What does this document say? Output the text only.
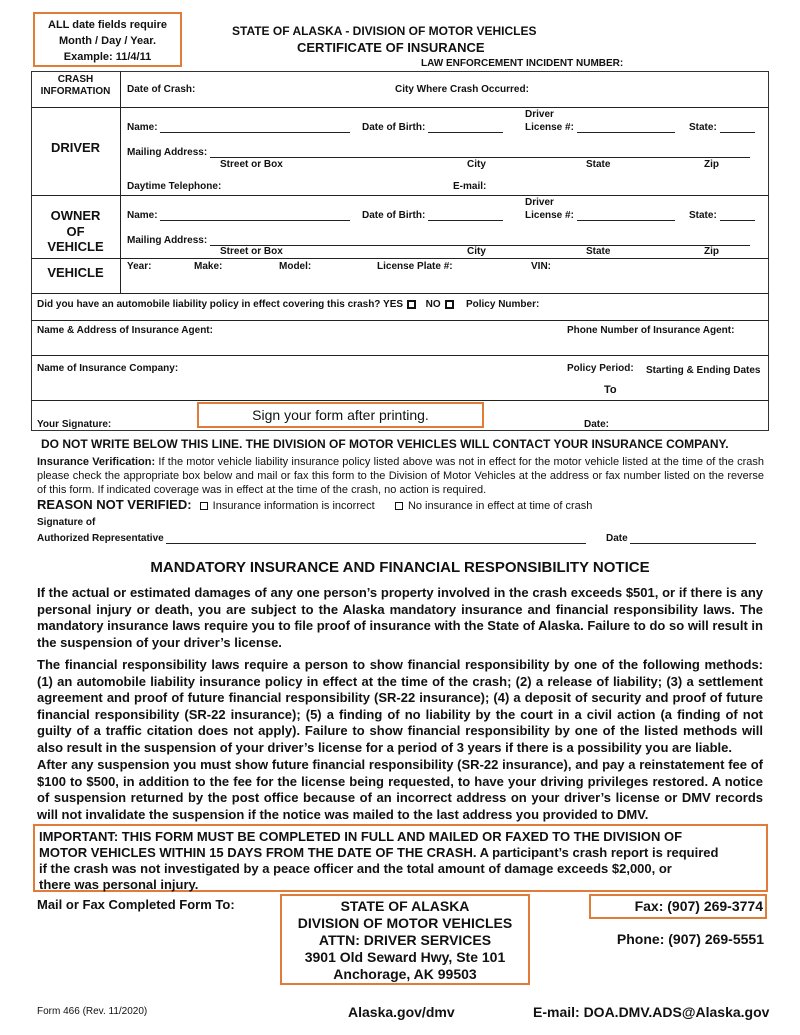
ALL date fields require
Month / Day / Year.
Example: 11/4/11
STATE OF ALASKA - DIVISION OF MOTOR VEHICLES
CERTIFICATE OF INSURANCE
LAW ENFORCEMENT INCIDENT NUMBER:
CRASH INFORMATION	Date of Crash:	City Where Crash Occurred:
DRIVER
Name:	Date of Birth:
Driver
License #:	State:
Mailing Address:
Street or Box	City	State	Zip
Daytime Telephone:	E-mail:
OWNER
OF
VEHICLE
Name:	Date of Birth:
Driver
License #:	State:
Mailing Address:
Street or Box	City	State	Zip
VEHICLE	Year:	Make:	Model:	License Plate #:	VIN:
Did you have an automobile liability policy in effect covering this crash? YES NO	Policy Number:
Name & Address of Insurance Agent:	Phone Number of Insurance Agent:
Name of Insurance Company:	Policy Period: Starting & Ending Dates
To
Your Signature:
Sign your form after printing.
Date:
DO NOT WRITE BELOW THIS LINE. THE DIVISION OF MOTOR VEHICLES WILL CONTACT YOUR INSURANCE COMPANY.
Insurance Verification: If the motor vehicle liability insurance policy listed above was not in effect for the motor vehicle listed at the time of the crash please check the appropriate box below and mail or fax this form to the Division of Motor Vehicles at the address or fax number listed on the reverse of this form. If indicated coverage was in effect at the time of the crash, no action is required.
REASON NOT VERIFIED: Insurance information is incorrect	No insurance in effect at time of crash
Signature of
Authorized Representative	Date
MANDATORY INSURANCE AND FINANCIAL RESPONSIBILITY NOTICE
If the actual or estimated damages of any one person’s property involved in the crash exceeds $501, or if there is any personal injury or death, you are subject to the Alaska mandatory insurance and financial responsibility laws. The mandatory insurance laws require you to file proof of insurance with the State of Alaska. Failure to do so will result in the suspension of your driver’s license.
The financial responsibility laws require a person to show financial responsibility by one of the following methods: (1) an automobile liability insurance policy in effect at the time of the crash; (2) a release of liability; (3) a settlement agreement and proof of future financial responsibility (SR-22 insurance); (4) a deposit of security and proof of future financial responsibility (SR-22 insurance); (5) a finding of no liability by the court in a civil action (a finding of not guilty of a traffic citation does not apply). Failure to show financial responsibility by one of the listed methods will also result in the suspension of your driver’s license for a period of 3 years if there is a possibility you are liable.
After any suspension you must show future financial responsibility (SR-22 insurance), and pay a reinstatement fee of $100 to $500, in addition to the fee for the license being requested, to have your driving privileges restored. A notice of suspension returned by the post office because of an incorrect address on your driver’s license or DMV records will not invalidate the suspension if the notice was mailed to the last address you provided to DMV.
IMPORTANT: THIS FORM MUST BE COMPLETED IN FULL AND MAILED OR FAXED TO THE DIVISION OF
MOTOR VEHICLES WITHIN 15 DAYS FROM THE DATE OF THE CRASH. A participant’s crash report is required
if the crash was not investigated by a peace officer and the total amount of damage exceeds $2,000, or
there was personal injury.
Mail or Fax Completed Form To:	STATE OF ALASKA
DIVISION OF MOTOR VEHICLES
ATTN: DRIVER SERVICES
3901 Old Seward Hwy, Ste 101
Anchorage, AK 99503
Fax: (907) 269-3774
Phone: (907) 269-5551
Form 466 (Rev. 11/2020)	Alaska.gov/dmv	E-mail: DOA.DMV.ADS@Alaska.gov
